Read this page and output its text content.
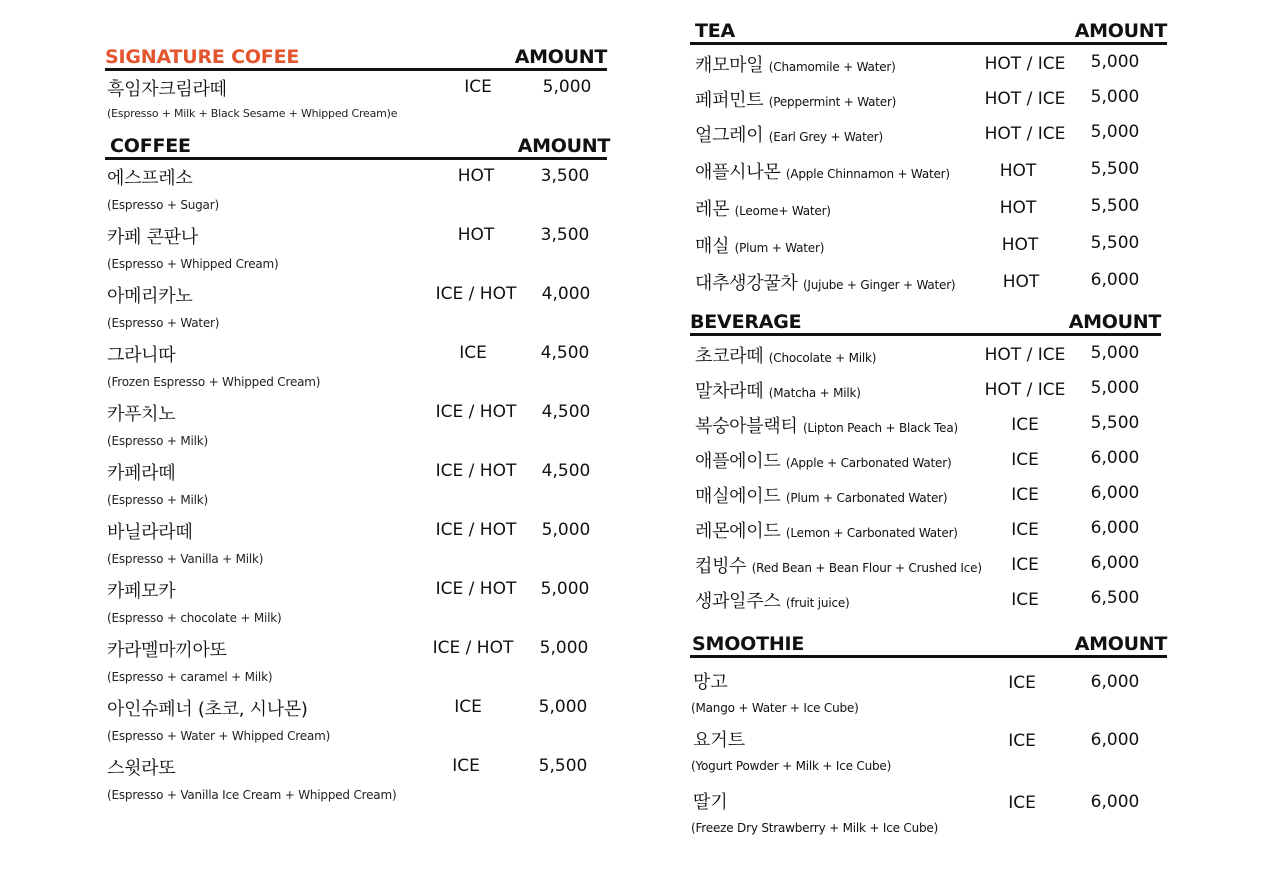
SIGNATURE COFEE	AMOUNT
흑임자크림라떼	ICE	5,000
(Espresso + Milk + Black Sesame + Whipped Cream)e
COFFEE	AMOUNT
에스프레소	HOT	3,500
(Espresso + Sugar)
카페 콘판나	HOT	3,500
(Espresso + Whipped Cream)
아메리카노	ICE / HOT	4,000
(Espresso + Water)
그라니따	ICE	4,500
(Frozen Espresso + Whipped Cream)
카푸치노	ICE / HOT	4,500
(Espresso + Milk)
카페라떼	ICE / HOT	4,500
(Espresso + Milk)
바닐라라떼	ICE / HOT	5,000
(Espresso + Vanilla + Milk)
카페모카	ICE / HOT	5,000
(Espresso + chocolate + Milk)
카라멜마끼아또	ICE / HOT	5,000
(Espresso + caramel + Milk)
아인슈페너 (초코, 시나몬)	ICE	5,000
(Espresso + Water + Whipped Cream)
스윗라또	ICE	5,500
(Espresso + Vanilla Ice Cream + Whipped Cream)
TEA	AMOUNT
캐모마일 (Chamomile + Water)	HOT / ICE	5,000
페퍼민트 (Peppermint + Water)	HOT / ICE	5,000
얼그레이 (Earl Grey + Water)	HOT / ICE	5,000
애플시나몬 (Apple Chinnamon + Water)	HOT	5,500
레몬 (Leome+ Water)	HOT	5,500
매실 (Plum + Water)	HOT	5,500
대추생강꿀차 (Jujube + Ginger + Water)	HOT	6,000
BEVERAGE	AMOUNT
초코라떼 (Chocolate + Milk)	HOT / ICE	5,000
말차라떼 (Matcha + Milk)	HOT / ICE	5,000
복숭아블랙티 (Lipton Peach + Black Tea)	ICE	5,500
애플에이드 (Apple + Carbonated Water)	ICE	6,000
매실에이드 (Plum + Carbonated Water)	ICE	6,000
레몬에이드 (Lemon + Carbonated Water)	ICE	6,000
컵빙수 (Red Bean + Bean Flour + Crushed Ice)	ICE	6,000
생과일주스 (fruit juice)	ICE	6,500
SMOOTHIE	AMOUNT
망고	ICE	6,000
(Mango + Water + Ice Cube)
요거트	ICE	6,000
(Yogurt Powder + Milk + Ice Cube)
딸기	ICE	6,000
(Freeze Dry Strawberry + Milk + Ice Cube)
